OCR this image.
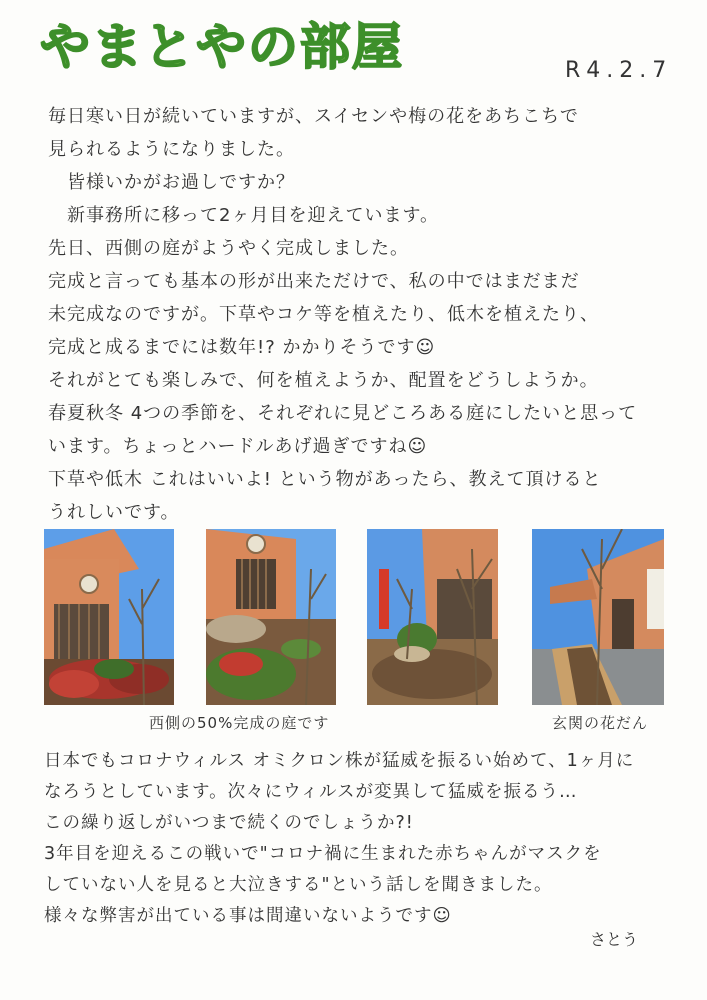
やまとやの部屋	R4.2.7
毎日寒い日が続いていますが、スイセンや梅の花をあちこちで
見られるようになりました。
　皆様いかがお過しですか？
　新事務所に移って2ヶ月目を迎えています。
先日、西側の庭がようやく完成しました。
完成と言っても基本の形が出来ただけで、私の中ではまだまだ
未完成なのですが。下草やコケ等を植えたり、低木を植えたり、
完成と成るまでには数年!? かかりそうです☺
それがとても楽しみで、何を植えようか、配置をどうしようか。
春夏秋冬 4つの季節を、それぞれに見どころある庭にしたいと思って
います。ちょっとハードルあげ過ぎですね☺
下草や低木 これはいいよ! という物があったら、教えて頂けると
うれしいです。
西側の50%完成の庭です	玄関の花だん
日本でもコロナウィルス オミクロン株が猛威を振るい始めて、1ヶ月に
なろうとしています。次々にウィルスが変異して猛威を振るう…
この繰り返しがいつまで続くのでしょうか?!
3年目を迎えるこの戦いで"コロナ禍に生まれた赤ちゃんがマスクを
していない人を見ると大泣きする"という話しを聞きました。
様々な弊害が出ている事は間違いないようです☺
さとう
